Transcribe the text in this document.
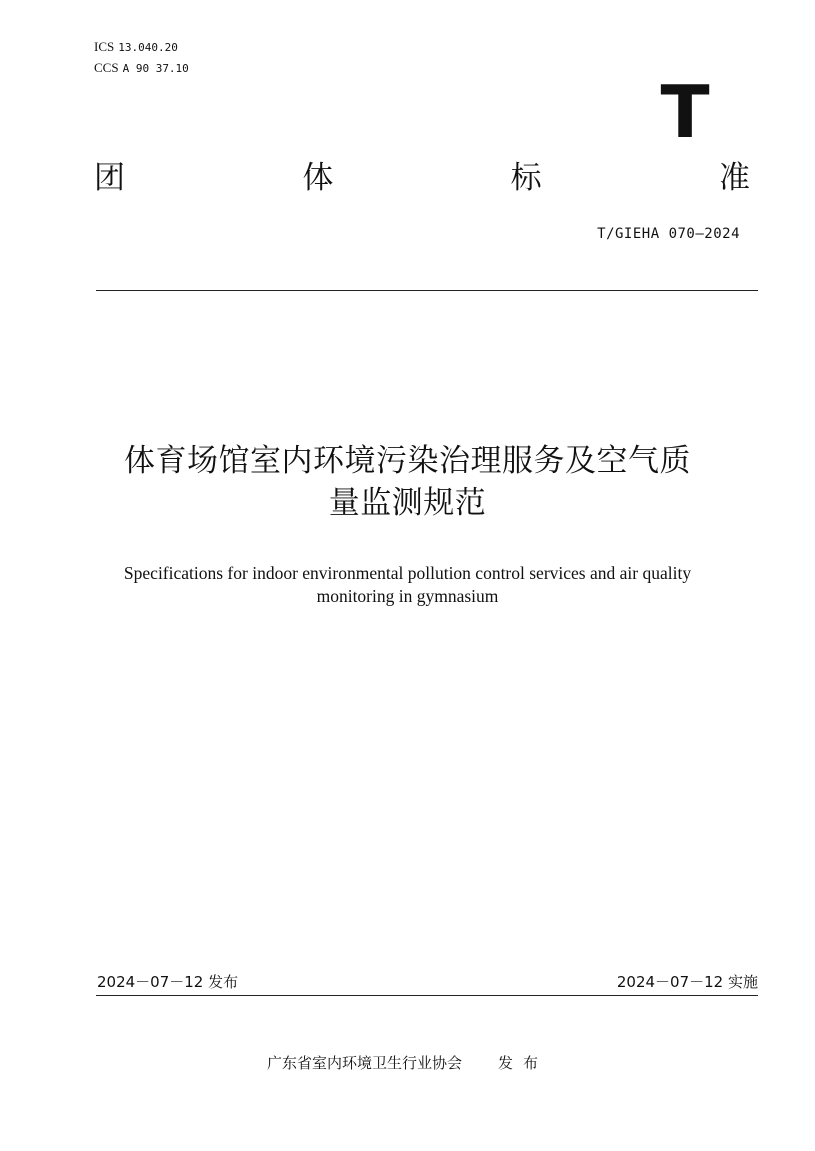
ICS 13.040.20
CCS A 90 37.10
T
团	体	标	准
T/GIEHA 070—2024
体育场馆室内环境污染治理服务及空气质
量监测规范
Specifications for indoor environmental pollution control services and air quality
monitoring in gymnasium
2024－07－12 发布	2024－07－12 实施
广东省室内环境卫生行业协会 发布
